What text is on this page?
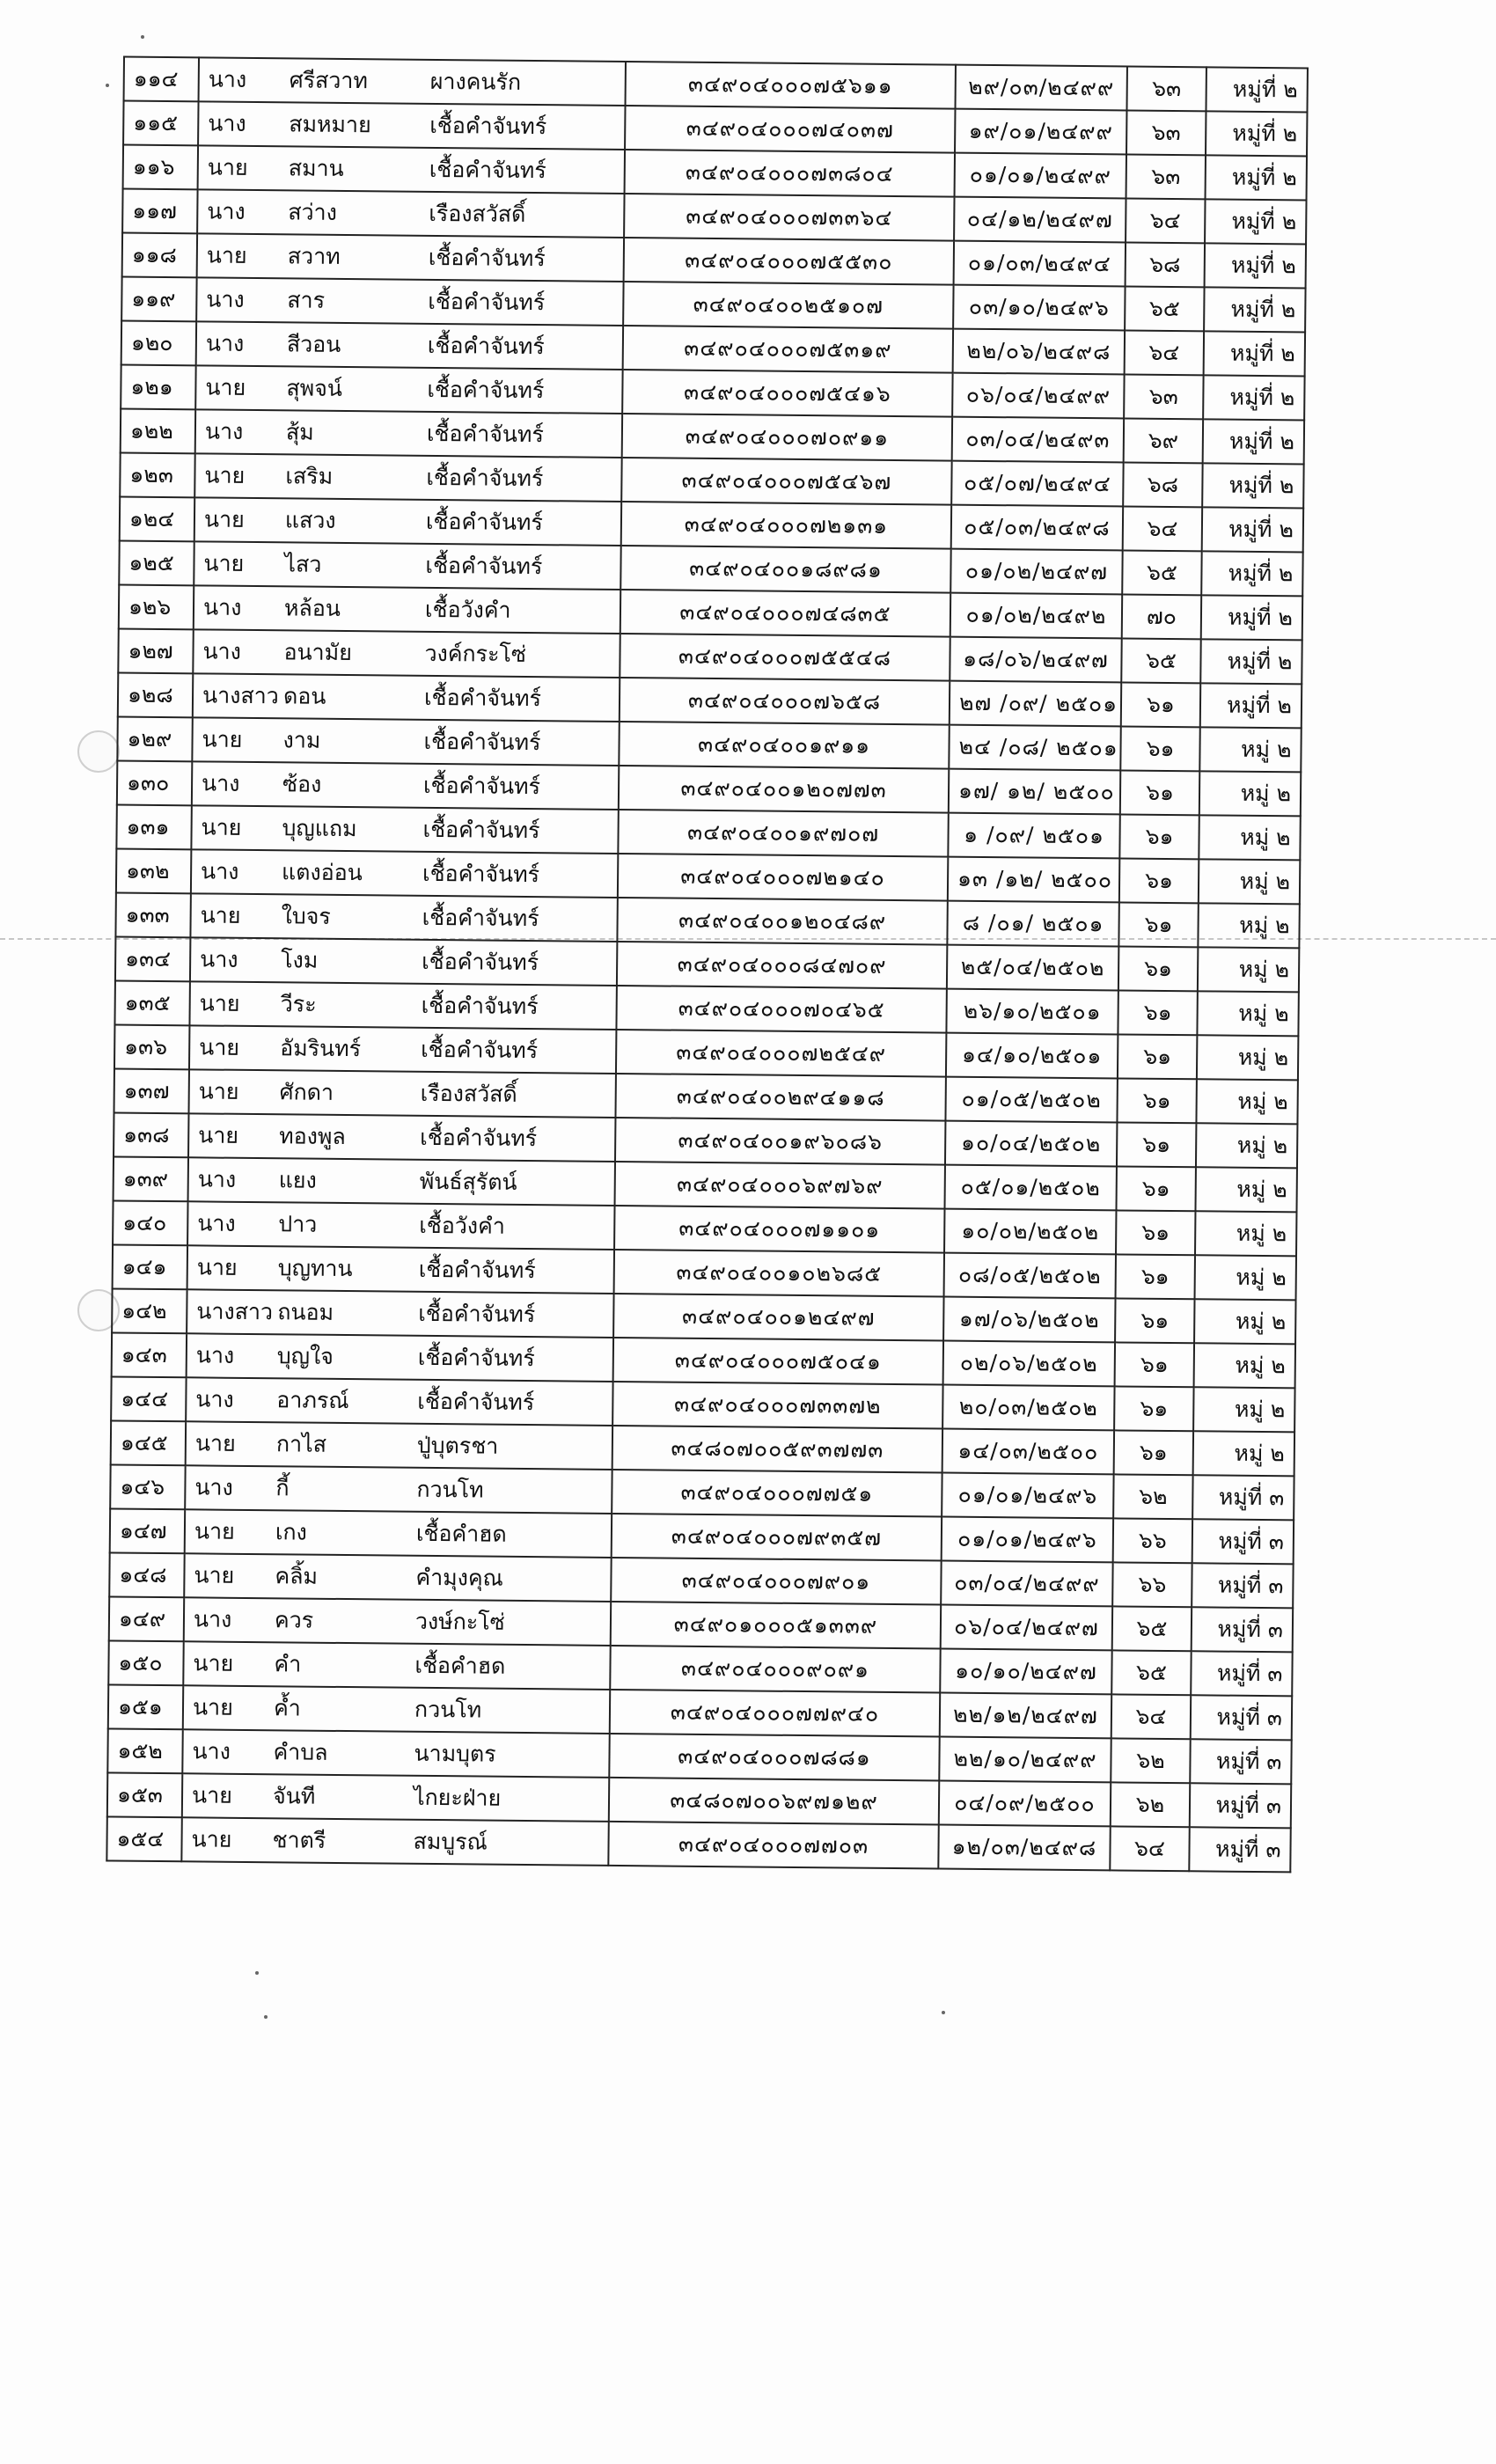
๑๑๔	นาง ศรีสวาท ผางคนรัก	๓๔๙๐๔๐๐๐๗๕๖๑๑	๒๙/๐๓/๒๔๙๙	๖๓	หมู่ที่ ๒
๑๑๕	นาง สมหมาย เชื้อคำจันทร์	๓๔๙๐๔๐๐๐๗๔๐๓๗	๑๙/๐๑/๒๔๙๙	๖๓	หมู่ที่ ๒
๑๑๖	นาย สมาน เชื้อคำจันทร์	๓๔๙๐๔๐๐๐๗๓๘๐๔	๐๑/๐๑/๒๔๙๙	๖๓	หมู่ที่ ๒
๑๑๗	นาง สว่าง เรืองสวัสดิ์	๓๔๙๐๔๐๐๐๗๓๓๖๔	๐๔/๑๒/๒๔๙๗	๖๔	หมู่ที่ ๒
๑๑๘	นาย สวาท เชื้อคำจันทร์	๓๔๙๐๔๐๐๐๗๕๕๓๐	๐๑/๐๓/๒๔๙๔	๖๘	หมู่ที่ ๒
๑๑๙	นาง สาร เชื้อคำจันทร์	๓๔๙๐๔๐๐๒๕๑๐๗	๐๓/๑๐/๒๔๙๖	๖๕	หมู่ที่ ๒
๑๒๐	นาง สีวอน เชื้อคำจันทร์	๓๔๙๐๔๐๐๐๗๕๓๑๙	๒๒/๐๖/๒๔๙๘	๖๔	หมู่ที่ ๒
๑๒๑	นาย สุพจน์ เชื้อคำจันทร์	๓๔๙๐๔๐๐๐๗๕๔๑๖	๐๖/๐๔/๒๔๙๙	๖๓	หมู่ที่ ๒
๑๒๒	นาง สุ้ม เชื้อคำจันทร์	๓๔๙๐๔๐๐๐๗๐๙๑๑	๐๓/๐๔/๒๔๙๓	๖๙	หมู่ที่ ๒
๑๒๓	นาย เสริม เชื้อคำจันทร์	๓๔๙๐๔๐๐๐๗๕๔๖๗	๐๕/๐๗/๒๔๙๔	๖๘	หมู่ที่ ๒
๑๒๔	นาย แสวง เชื้อคำจันทร์	๓๔๙๐๔๐๐๐๗๒๑๓๑	๐๕/๐๓/๒๔๙๘	๖๔	หมู่ที่ ๒
๑๒๕	นาย ไสว เชื้อคำจันทร์	๓๔๙๐๔๐๐๑๘๙๘๑	๐๑/๐๒/๒๔๙๗	๖๕	หมู่ที่ ๒
๑๒๖	นาง หล้อน เชื้อวังคำ	๓๔๙๐๔๐๐๐๗๔๘๓๕	๐๑/๐๒/๒๔๙๒	๗๐	หมู่ที่ ๒
๑๒๗	นาง อนามัย วงค์กระโซ่	๓๔๙๐๔๐๐๐๗๕๕๔๘	๑๘/๐๖/๒๔๙๗	๖๕	หมู่ที่ ๒
๑๒๘	นางสาว ดอน เชื้อคำจันทร์	๓๔๙๐๔๐๐๐๗๖๕๘	๒๗ /๐๙/ ๒๕๐๑	๖๑	หมู่ที่ ๒
๑๒๙	นาย งาม เชื้อคำจันทร์	๓๔๙๐๔๐๐๑๙๑๑	๒๔ /๐๘/ ๒๕๐๑	๖๑	หมู่ ๒
๑๓๐	นาง ซ้อง เชื้อคำจันทร์	๓๔๙๐๔๐๐๑๒๐๗๗๓	๑๗/ ๑๒/ ๒๕๐๐	๖๑	หมู่ ๒
๑๓๑	นาย บุญแถม เชื้อคำจันทร์	๓๔๙๐๔๐๐๑๙๗๐๗	๑ /๐๙/ ๒๕๐๑	๖๑	หมู่ ๒
๑๓๒	นาง แตงอ่อน เชื้อคำจันทร์	๓๔๙๐๔๐๐๐๗๒๑๔๐	๑๓ /๑๒/ ๒๕๐๐	๖๑	หมู่ ๒
๑๓๓	นาย ใบจร เชื้อคำจันทร์	๓๔๙๐๔๐๐๑๒๐๔๘๙	๘ /๐๑/ ๒๕๐๑	๖๑	หมู่ ๒
๑๓๔	นาง โงม เชื้อคำจันทร์	๓๔๙๐๔๐๐๐๘๔๗๐๙	๒๕/๐๔/๒๕๐๒	๖๑	หมู่ ๒
๑๓๕	นาย วีระ เชื้อคำจันทร์	๓๔๙๐๔๐๐๐๗๐๔๖๕	๒๖/๑๐/๒๕๐๑	๖๑	หมู่ ๒
๑๓๖	นาย อัมรินทร์ เชื้อคำจันทร์	๓๔๙๐๔๐๐๐๗๒๕๔๙	๑๔/๑๐/๒๕๐๑	๖๑	หมู่ ๒
๑๓๗	นาย ศักดา เรืองสวัสดิ์	๓๔๙๐๔๐๐๒๙๔๑๑๘	๐๑/๐๕/๒๕๐๒	๖๑	หมู่ ๒
๑๓๘	นาย ทองพูล เชื้อคำจันทร์	๓๔๙๐๔๐๐๑๙๖๐๘๖	๑๐/๐๔/๒๕๐๒	๖๑	หมู่ ๒
๑๓๙	นาง แยง พันธ์สุรัตน์	๓๔๙๐๔๐๐๐๖๙๗๖๙	๐๕/๐๑/๒๕๐๒	๖๑	หมู่ ๒
๑๔๐	นาง ปาว เชื้อวังคำ	๓๔๙๐๔๐๐๐๗๑๑๐๑	๑๐/๐๒/๒๕๐๒	๖๑	หมู่ ๒
๑๔๑	นาย บุญทาน เชื้อคำจันทร์	๓๔๙๐๔๐๐๑๐๒๖๘๕	๐๘/๐๕/๒๕๐๒	๖๑	หมู่ ๒
๑๔๒	นางสาว ถนอม เชื้อคำจันทร์	๓๔๙๐๔๐๐๑๒๔๙๗	๑๗/๐๖/๒๕๐๒	๖๑	หมู่ ๒
๑๔๓	นาง บุญใจ เชื้อคำจันทร์	๓๔๙๐๔๐๐๐๗๕๐๔๑	๐๒/๐๖/๒๕๐๒	๖๑	หมู่ ๒
๑๔๔	นาง อาภรณ์ เชื้อคำจันทร์	๓๔๙๐๔๐๐๐๗๓๓๗๒	๒๐/๐๓/๒๕๐๒	๖๑	หมู่ ๒
๑๔๕	นาย กาไส ปู่บุตรชา	๓๔๘๐๗๐๐๕๙๓๗๗๓	๑๔/๐๓/๒๕๐๐	๖๑	หมู่ ๒
๑๔๖	นาง กี้ กวนโท	๓๔๙๐๔๐๐๐๗๗๕๑	๐๑/๐๑/๒๔๙๖	๖๒	หมู่ที่ ๓
๑๔๗	นาย เกง เชื้อคำฮด	๓๔๙๐๔๐๐๐๗๙๓๕๗	๐๑/๐๑/๒๔๙๖	๖๖	หมู่ที่ ๓
๑๔๘	นาย คลิ้ม คำมุงคุณ	๓๔๙๐๔๐๐๐๗๙๐๑	๐๓/๐๔/๒๔๙๙	๖๖	หมู่ที่ ๓
๑๔๙	นาง ควร วงษ์กะโซ่	๓๔๙๐๑๐๐๐๕๑๓๓๙	๐๖/๐๔/๒๔๙๗	๖๕	หมู่ที่ ๓
๑๕๐	นาย คำ เชื้อคำฮด	๓๔๙๐๔๐๐๐๙๐๙๑	๑๐/๑๐/๒๔๙๗	๖๕	หมู่ที่ ๓
๑๕๑	นาย ค้ำ กวนโท	๓๔๙๐๔๐๐๐๗๗๙๔๐	๒๒/๑๒/๒๔๙๗	๖๔	หมู่ที่ ๓
๑๕๒	นาง คำบล นามบุตร	๓๔๙๐๔๐๐๐๗๘๘๑	๒๒/๑๐/๒๔๙๙	๖๒	หมู่ที่ ๓
๑๕๓	นาย จันที ไกยะฝ่าย	๓๔๘๐๗๐๐๖๙๗๑๒๙	๐๔/๐๙/๒๕๐๐	๖๒	หมู่ที่ ๓
๑๕๔	นาย ชาตรี สมบูรณ์	๓๔๙๐๔๐๐๐๗๗๐๓	๑๒/๐๓/๒๔๙๘	๖๔	หมู่ที่ ๓
